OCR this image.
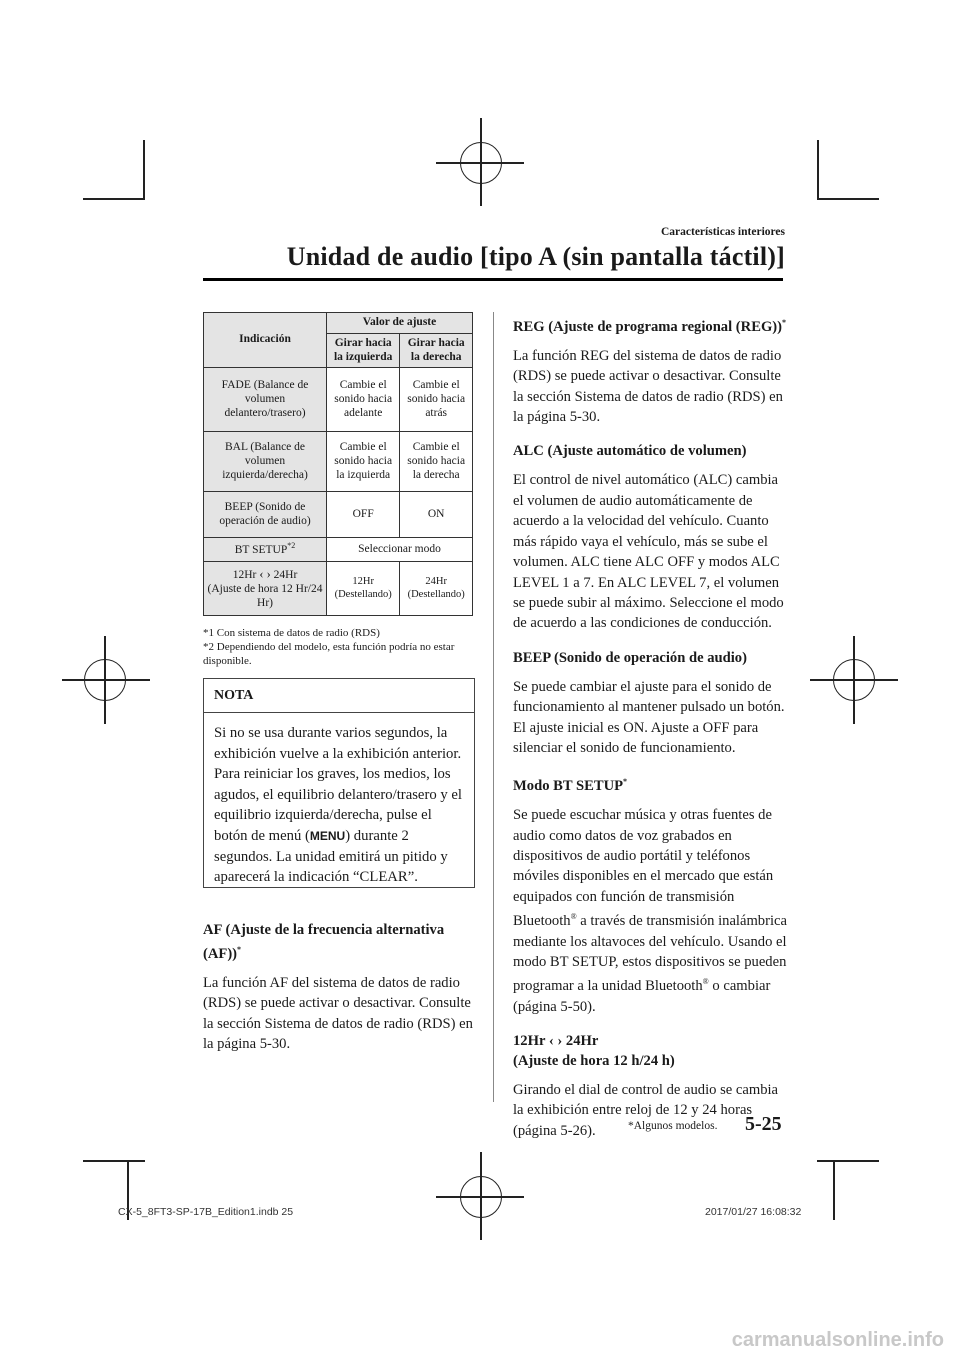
Características interiores
Unidad de audio [tipo A (sin pantalla táctil)]
Indicación	Valor de ajuste	
	Girar hacia la izquierda	Girar hacia la derecha
FADE (Balance de volumen delantero/trasero)	Cambie el sonido hacia adelante	Cambie el sonido hacia atrás
BAL (Balance de volumen izquierda/derecha)	Cambie el sonido hacia la izquierda	Cambie el sonido hacia la derecha
BEEP (Sonido de operación de audio)	OFF	ON
BT SETUP$^{*2}$	Seleccionar modo	
12Hr ‹ › 24Hr
(Ajuste de hora 12 Hr/24 Hr)	12Hr (Destellando)	24Hr (Destellando)
*1 Con sistema de datos de radio (RDS)
*2 Dependiendo del modelo, esta función podría no estar disponible.
NOTA
Si no se usa durante varios segundos, la exhibición vuelve a la exhibición anterior. Para reiniciar los graves, los medios, los agudos, el equilibrio delantero/trasero y el equilibrio izquierda/derecha, pulse el botón de menú (MENU) durante 2 segundos. La unidad emitirá un pitido y aparecerá la indicación “CLEAR”.
AF (Ajuste de la frecuencia alternativa (AF))*
La función AF del sistema de datos de radio (RDS) se puede activar o desactivar. Consulte la sección Sistema de datos de radio (RDS) en la página 5-30.
REG (Ajuste de programa regional (REG))*
La función REG del sistema de datos de radio (RDS) se puede activar o desactivar. Consulte la sección Sistema de datos de radio (RDS) en la página 5-30.
ALC (Ajuste automático de volumen)
El control de nivel automático (ALC) cambia el volumen de audio automáticamente de acuerdo a la velocidad del vehículo. Cuanto más rápido vaya el vehículo, más se sube el volumen. ALC tiene ALC OFF y modos ALC LEVEL 1 a 7. En ALC LEVEL 7, el volumen se puede subir al máximo. Seleccione el modo de acuerdo a las condiciones de conducción.
BEEP (Sonido de operación de audio)
Se puede cambiar el ajuste para el sonido de funcionamiento al mantener pulsado un botón. El ajuste inicial es ON. Ajuste a OFF para silenciar el sonido de funcionamiento.
Modo BT SETUP*
Se puede escuchar música y otras fuentes de audio como datos de voz grabados en dispositivos de audio portátil y teléfonos móviles disponibles en el mercado que están equipados con función de transmisión Bluetooth® a través de transmisión inalámbrica mediante los altavoces del vehículo. Usando el modo BT SETUP, estos dispositivos se pueden programar a la unidad Bluetooth® o cambiar (página 5-50).
12Hr ‹ › 24Hr
(Ajuste de hora 12 h/24 h)
Girando el dial de control de audio se cambia la exhibición entre reloj de 12 y 24 horas (página 5-26).	*Algunos modelos. 5-25
CX-5_8FT3-SP-17B_Edition1.indb 25	2017/01/27 16:08:32
carmanualsonline.info
